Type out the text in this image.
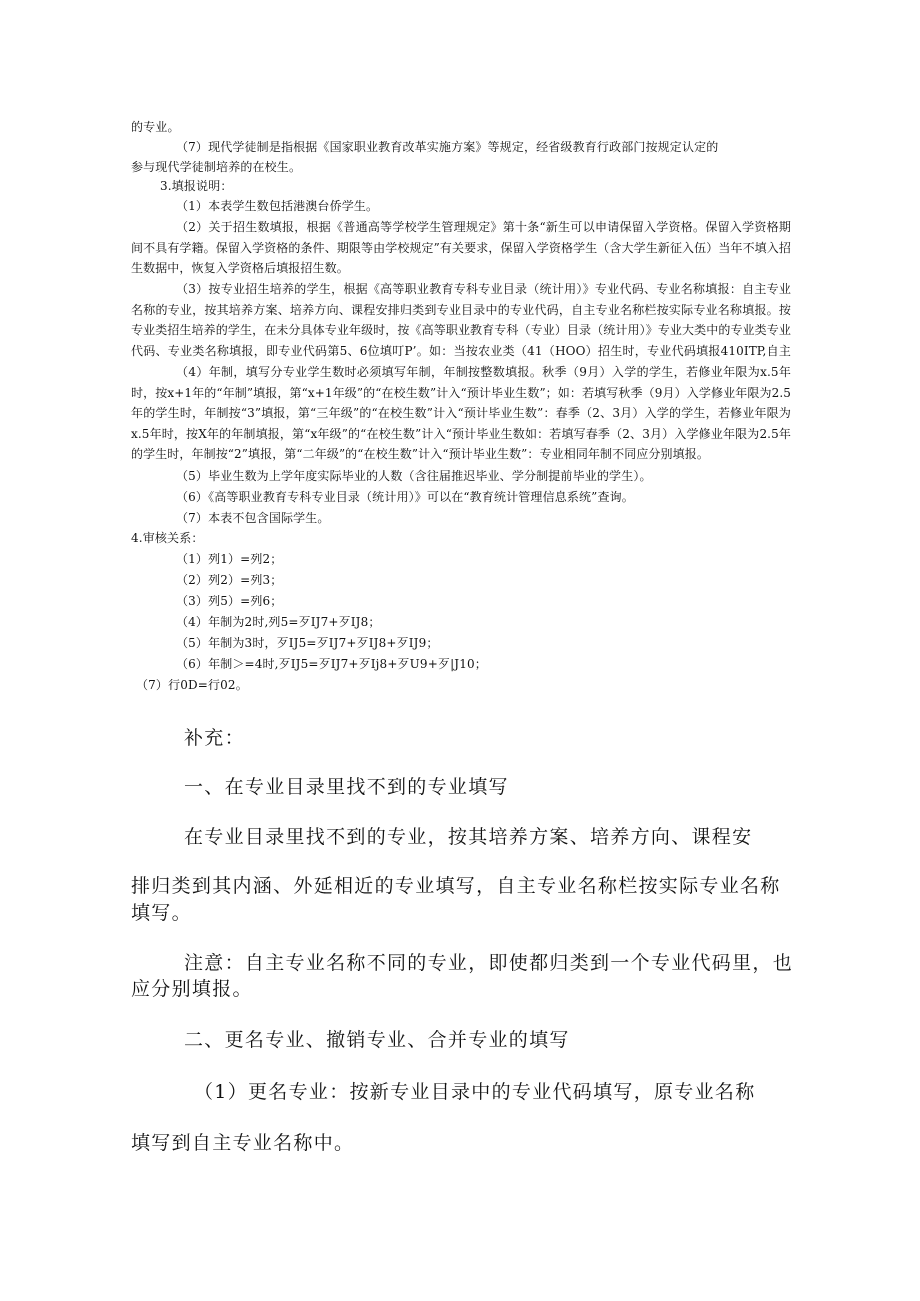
的专业。
（7）现代学徒制是指根据《国家职业教育改革实施方案》等规定，经省级教育行政部门按规定认定的
参与现代学徒制培养的在校生。
3.填报说明：
（1）本表学生数包括港澳台侨学生。
（2）关于招生数填报，根据《普通高等学校学生管理规定》第十条“新生可以申请保留入学资格。保留入学资格期间不具有学籍。保留入学资格的条件、期限等由学校规定”有关要求，保留入学资格学生（含大学生新征入伍）当年不填入招生数据中，恢复入学资格后填报招生数。
（3）按专业招生培养的学生，根据《高等职业教育专科专业目录（统计用）》专业代码、专业名称填报：自主专业名称的专业，按其培养方案、培养方向、课程安排归类到专业目录中的专业代码，自主专业名称栏按实际专业名称填报。按专业类招生培养的学生，在未分具体专业年级时，按《高等职业教育专科（专业）目录（统计用）》专业大类中的专业类专业代码、专业类名称填报，即专业代码第5、6位填叮P’。如：当按农业类（41（HOO）招生时，专业代码填报410ITP,自主
（4）年制，填写分专业学生数时必须填写年制，年制按整数填报。秋季（9月）入学的学生，若修业年限为x.5年时，按x+1年的“年制”填报，第“x+1年级”的“在校生数”计入“预计毕业生数”；如：若填写秋季（9月）入学修业年限为2.5年的学生时，年制按“3”填报，第“三年级”的“在校生数”计入“预计毕业生数”：春季（2、3月）入学的学生，若修业年限为x.5年时，按X年的年制填报，第“x年级”的“在校生数”计入“预计毕业生数如：若填写春季（2、3月）入学修业年限为2.5年的学生时，年制按“2”填报，第“二年级”的“在校生数”计入“预计毕业生数”：专业相同年制不同应分别填报。
（5）毕业生数为上学年度实际毕业的人数（含往届推迟毕业、学分制提前毕业的学生）。
（6）《高等职业教育专科专业目录（统计用）》可以在“教育统计管理信息系统”查询。
（7）本表不包含国际学生。
4.审核关系：
（1）列1）=列2；
（2）列2）=列3；
（3）列5）=列6；
（4）年制为2时,列5=歹IJ7+歹IJ8；
（5）年制为3时，歹IJ5=歹IJ7+歹IJ8+歹IJ9；
（6）年制＞=4时,歹IJ5=歹IJ7+歹Ij8+歹U9+歹|J10；
（7）行0D=行02。
补充：
一、在专业目录里找不到的专业填写
在专业目录里找不到的专业，按其培养方案、培养方向、课程安
排归类到其内涵、外延相近的专业填写，自主专业名称栏按实际专业名称
填写。
注意：自主专业名称不同的专业，即使都归类到一个专业代码里，也
应分别填报。
二、更名专业、撤销专业、合并专业的填写
（1）更名专业：按新专业目录中的专业代码填写，原专业名称
填写到自主专业名称中。
